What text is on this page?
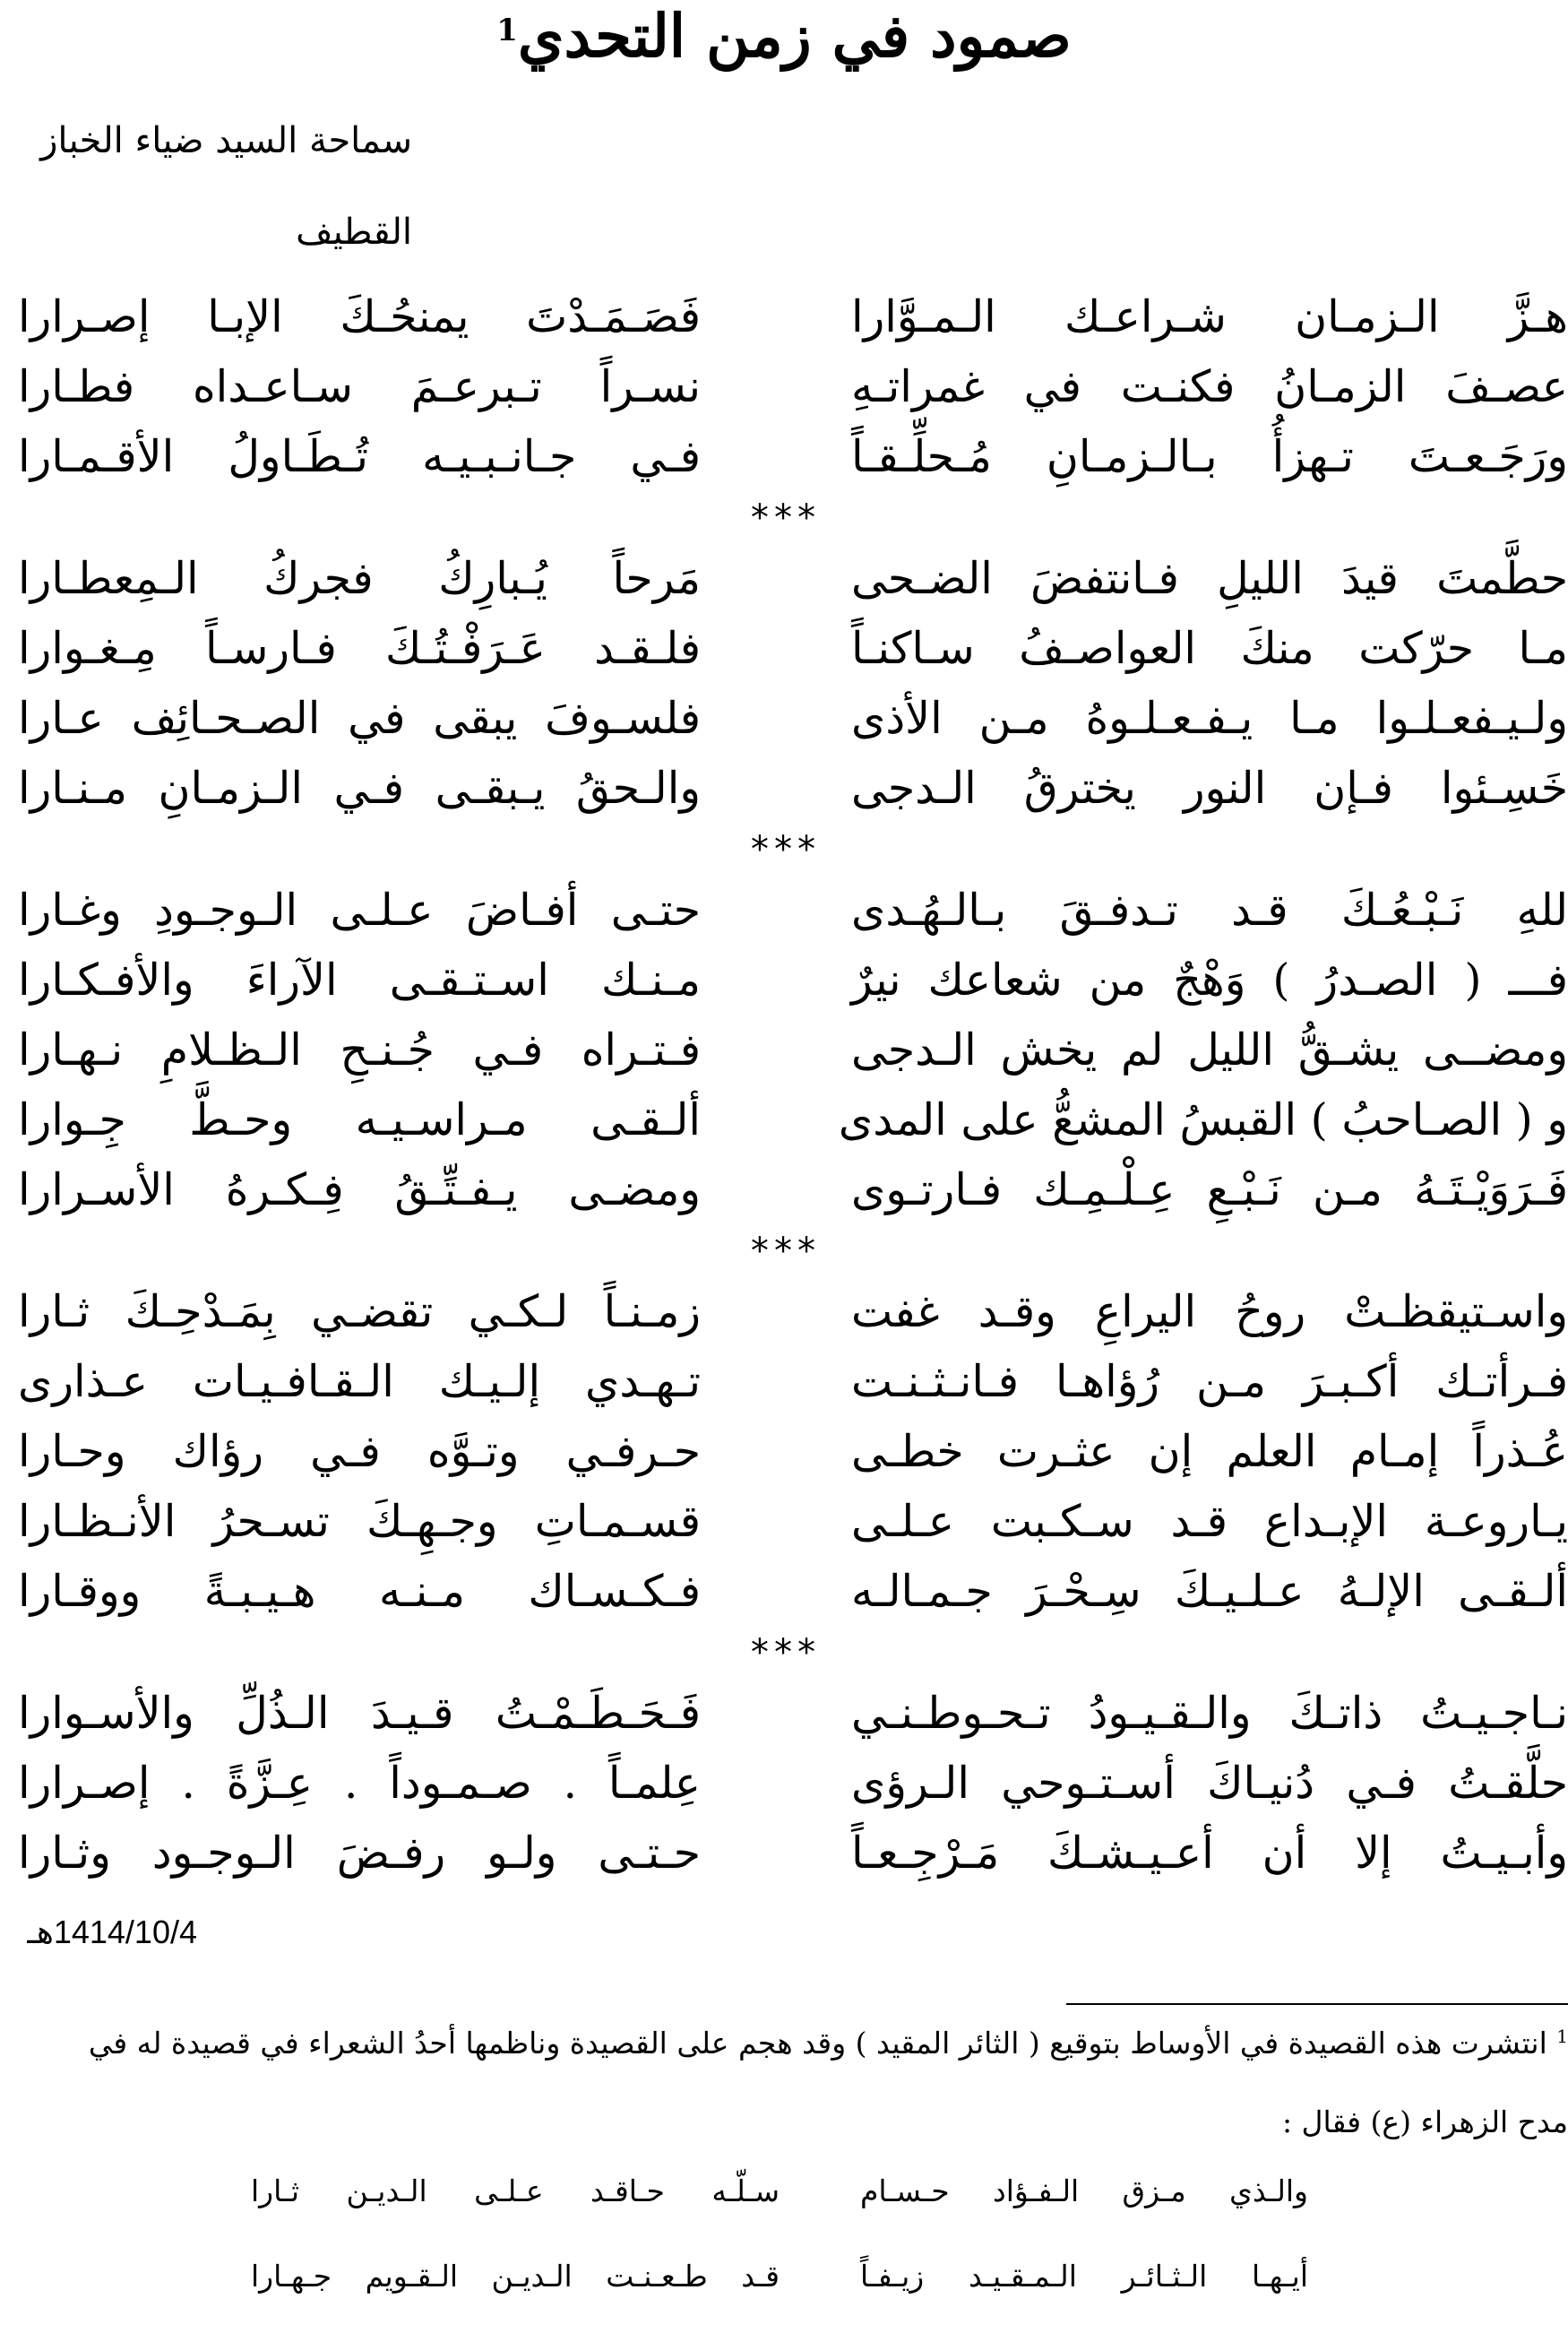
صمود في زمن التحدي$^1$
سماحة السيد ضياء الخباز
القطيف
هـزَّ الـزمـان شـراعـك الـمـوَّارا
فَصَـمَـدْتَ يمنحُـكَ الإبـا إصـرارا
عصـفَ الزمـانُ فكنـت في غمراتـهِ
نسـراً تـبرعـمَ سـاعـداه فطـارا
ورَجَـعـتَ تـهزأُ بـالـزمـانِ مُـحلِّـقـاً
فـي جـانـبـيـه تُـطَـاولُ الأقـمـارا
***
حطَّمتَ قيدَ الليلِ فـانتفضَ الضـحى
مَرحاً يُـبارِكُ فجركُ الـمِعطـارا
مـا حرّكت منكَ العواصـفُ سـاكنـاً
فلـقـد عَـرَفْـتُـكَ فـارسـاً مِـغـوارا
ولـيـفعـلـوا مـا يـفـعـلـوهُ مـن الأذى
فلسـوفَ يبقى في الصـحـائِف عـارا
خَسِـئوا فـإن النور يخترقُ الـدجى
والـحقُ يـبقـى فـي الـزمـانِ مـنـارا
***
للهِ نَـبْـعُـكَ قـد تـدفـقَ بـالـهُـدى
حتـى أفـاضَ عـلـى الـوجـودِ وغـارا
فـــ ( الصـدرُ ) وَهْجٌ من شعاعك نيرٌ
مـنـك اسـتـقـى الآراءَ والأفـكـارا
ومضــى يشـقُّ الليل لم يخش الـدجى
فـتـراه فـي جُـنـحِ الـظـلامِ نـهـارا
و ( الصـاحبُ ) القبسُ المشعُّ على المدى
ألـقـى مـراسـيـه وحـطَّ جِـوارا
فَـرَوَيْـتَـهُ مـن نَـبْـعِ عِـلْـمِـك فـارتـوى
ومضـى يـفـتِّـقُ فِـكـرهُ الأسـرارا
***
واسـتيقظـتْ روحُ اليراعِ وقـد غفت
زمـنـاً لـكـي تقضـي بِمَـدْحِـكَ ثـارا
فـرأتـك أكـبـرَ مـن رُؤاهـا فـانـثـنـت
تـهـدي إلـيـك الـقـافـيـات عـذارى
عُـذراً إمـام العلم إن عثـرت خطـى
حـرفـي وتـوَّه فـي رؤاك وحـارا
يـاروعـة الإبـداع قـد سـكـبت عـلـى
قسـمـاتِ وجـهِـكَ تسـحرُ الأنـظـارا
ألـقـى الإلـهُ عـلـيـكَ سِـحْـرَ جـمـالـه
فـكـسـاك مـنـه هـيـبـةً ووقـارا
***
نـاجـيـتُ ذاتـكَ والـقـيـودُ تـحـوطـنـي
فَـحَـطَـمْـتُ قـيـدَ الـذُلِّ والأسـوارا
حلَّقـتُ فـي دُنيـاكَ أسـتـوحي الـرؤى
عِلمـاً . صـمـوداً . عِـزَّةً . إصـرارا
وأبـيـتُ إلا أن أعـيـشـكَ مَـرْجِـعـاً
حـتـى ولـو رفـضَ الـوجـود وثـارا
1414/10/4هـ
$^1$ انتشرت هذه القصيدة في الأوساط بتوقيع ( الثائر المقيد ) وقد هجم على القصيدة وناظمها أحدُ الشعراء في قصيدة له في
مدح الزهراء (ع) فقال :
والـذي مـزق الـفـؤاد حـسـام
سـلّـه حـاقـد عـلـى الـديـن ثـارا
أيـهـا الـثـائـر الـمـقـيـد زيـفـاً
قـد طـعـنـت الـديـن الـقـويم جـهـارا
